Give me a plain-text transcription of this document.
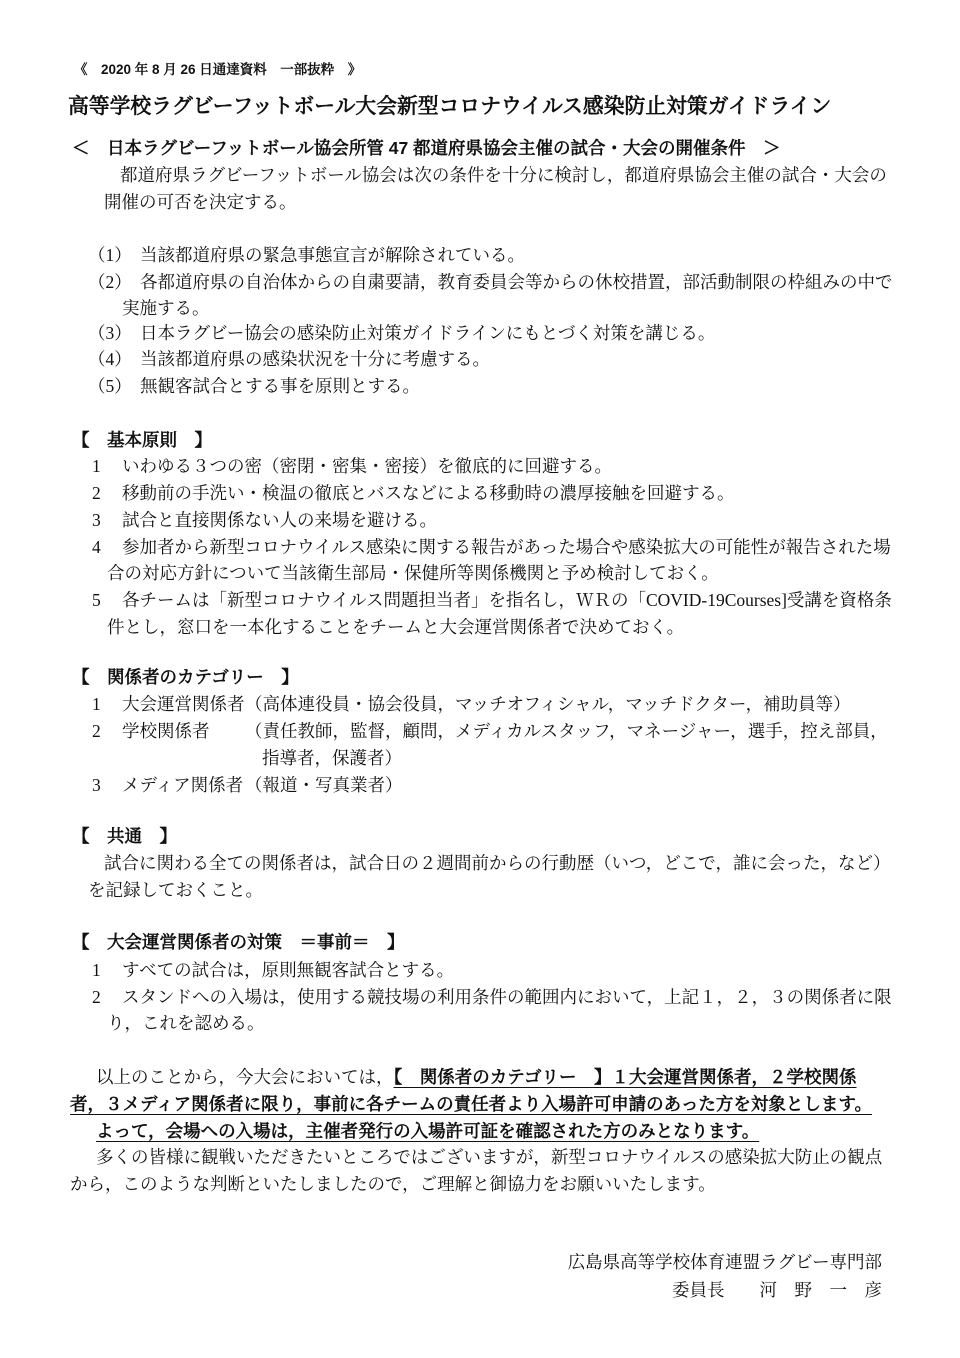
《　2020 年 8 月 26 日通達資料　一部抜粋　》
高等学校ラグビーフットボール大会新型コロナウイルス感染防止対策ガイドライン
＜　日本ラグビーフットボール協会所管 47 都道府県協会主催の試合・大会の開催条件　＞
都道府県ラグビーフットボール協会は次の条件を十分に検討し，都道府県協会主催の試合・大会の
開催の可否を決定する。
（1） 当該都道府県の緊急事態宣言が解除されている。
（2） 各都道府県の自治体からの自粛要請，教育委員会等からの休校措置，部活動制限の枠組みの中で
実施する。
（3） 日本ラグビー協会の感染防止対策ガイドラインにもとづく対策を講じる。
（4） 当該都道府県の感染状況を十分に考慮する。
（5） 無観客試合とする事を原則とする。
【　基本原則　】
1 いわゆる３つの密（密閉・密集・密接）を徹底的に回避する。
2 移動前の手洗い・検温の徹底とバスなどによる移動時の濃厚接触を回避する。
3 試合と直接関係ない人の来場を避ける。
4 参加者から新型コロナウイルス感染に関する報告があった場合や感染拡大の可能性が報告された場
合の対応方針について当該衛生部局・保健所等関係機関と予め検討しておく。
5 各チームは「新型コロナウイルス問題担当者」を指名し，ＷＲの「COVID-19Courses]受講を資格条
件とし，窓口を一本化することをチームと大会運営関係者で決めておく。
【　関係者のカテゴリー　】
1 大会運営関係者 （高体連役員・協会役員，マッチオフィシャル，マッチドクター，補助員等）
2 学校関係者 （責任教師，監督，顧問，メディカルスタッフ，マネージャー，選手，控え部員，
指導者，保護者）
3 メディア関係者 （報道・写真業者）
【　共通　】
試合に関わる全ての関係者は，試合日の２週間前からの行動歴（いつ，どこで，誰に会った，など）
を記録しておくこと。
【　大会運営関係者の対策　＝事前＝　】
1 すべての試合は，原則無観客試合とする。
2 スタンドへの入場は，使用する競技場の利用条件の範囲内において，上記１，２，３の関係者に限
り，これを認める。
以上のことから，今大会においては，【　関係者のカテゴリー　】１大会運営関係者，２学校関係
者，３メディア関係者に限り，事前に各チームの責任者より入場許可申請のあった方を対象とします。
よって，会場への入場は，主催者発行の入場許可証を確認された方のみとなります。
多くの皆様に観戦いただきたいところではございますが，新型コロナウイルスの感染拡大防止の観点
から，このような判断といたしましたので，ご理解と御協力をお願いいたします。
広島県高等学校体育連盟ラグビー専門部
委員長　　河　野　一　彦
